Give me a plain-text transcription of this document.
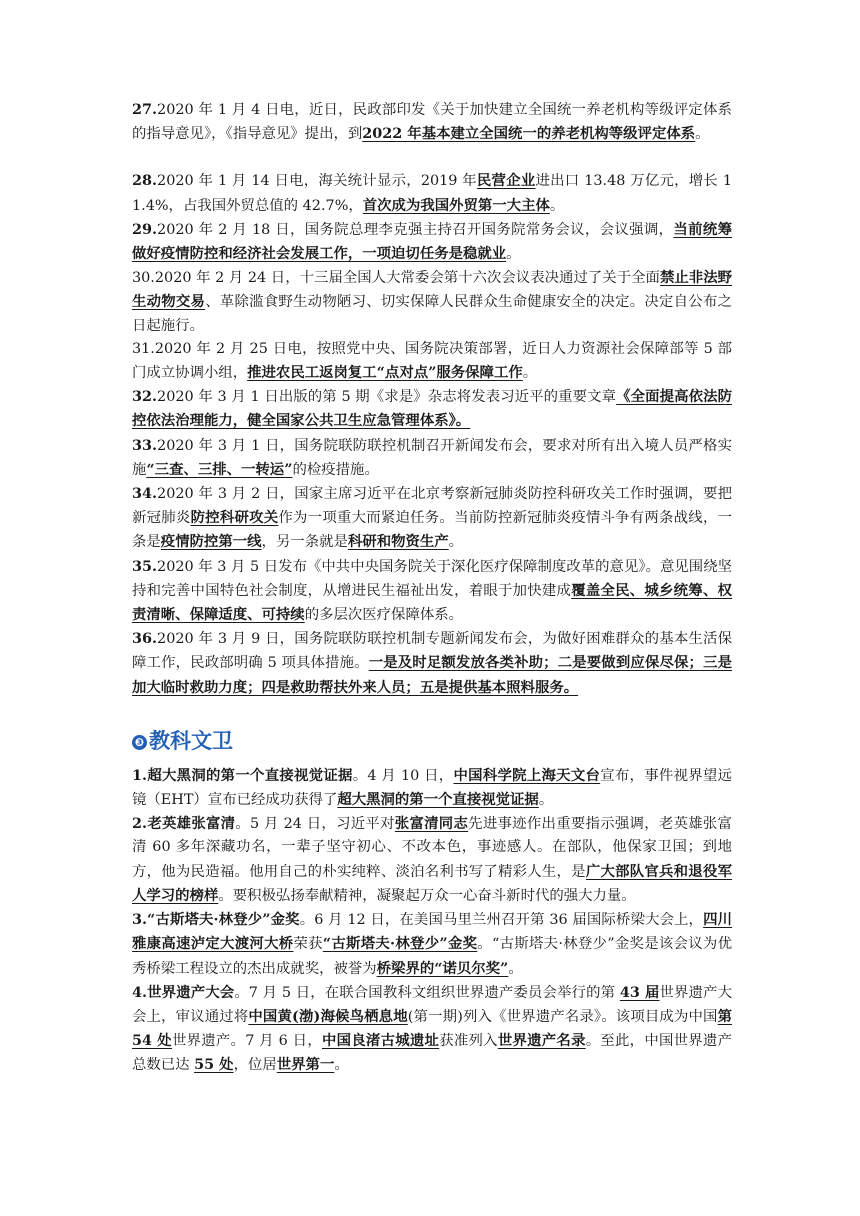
27.2020 年 1 月 4 日电，近日，民政部印发《关于加快建立全国统一养老机构等级评定体系的指导意见》，《指导意见》提出，到2022 年基本建立全国统一的养老机构等级评定体系。

28.2020 年 1 月 14 日电，海关统计显示，2019 年民营企业进出口 13.48 万亿元，增长 11.4%，占我国外贸总值的 42.7%，首次成为我国外贸第一大主体。

29.2020 年 2 月 18 日，国务院总理李克强主持召开国务院常务会议，会议强调，当前统筹做好疫情防控和经济社会发展工作，一项迫切任务是稳就业。

30.2020 年 2 月 24 日，十三届全国人大常委会第十六次会议表决通过了关于全面禁止非法野生动物交易、革除滥食野生动物陋习、切实保障人民群众生命健康安全的决定。决定自公布之日起施行。

31.2020 年 2 月 25 日电，按照党中央、国务院决策部署，近日人力资源社会保障部等 5 部门成立协调小组，推进农民工返岗复工“点对点”服务保障工作。

32.2020 年 3 月 1 日出版的第 5 期《求是》杂志将发表习近平的重要文章《全面提高依法防控依法治理能力，健全国家公共卫生应急管理体系》。

33.2020 年 3 月 1 日，国务院联防联控机制召开新闻发布会，要求对所有出入境人员严格实施“三查、三排、一转运”的检疫措施。

34.2020 年 3 月 2 日，国家主席习近平在北京考察新冠肺炎防控科研攻关工作时强调，要把新冠肺炎防控科研攻关作为一项重大而紧迫任务。当前防控新冠肺炎疫情斗争有两条战线，一条是疫情防控第一线，另一条就是科研和物资生产。

35.2020 年 3 月 5 日发布《中共中央国务院关于深化医疗保障制度改革的意见》。意见围绕坚持和完善中国特色社会制度，从增进民生福祉出发，着眼于加快建成覆盖全民、城乡统筹、权责清晰、保障适度、可持续的多层次医疗保障体系。

36.2020 年 3 月 9 日，国务院联防联控机制专题新闻发布会，为做好困难群众的基本生活保障工作，民政部明确 5 项具体措施。一是及时足额发放各类补助；二是要做到应保尽保；三是加大临时救助力度；四是救助帮扶外来人员；五是提供基本照料服务。

❸ 教科文卫

1.超大黑洞的第一个直接视觉证据。4 月 10 日，中国科学院上海天文台宣布，事件视界望远镜（EHT）宣布已经成功获得了超大黑洞的第一个直接视觉证据。

2.老英雄张富清。5 月 24 日，习近平对张富清同志先进事迹作出重要指示强调，老英雄张富清 60 多年深藏功名，一辈子坚守初心、不改本色，事迹感人。在部队，他保家卫国；到地方，他为民造福。他用自己的朴实纯粹、淡泊名利书写了精彩人生，是广大部队官兵和退役军人学习的榜样。要积极弘扬奉献精神，凝聚起万众一心奋斗新时代的强大力量。

3.“古斯塔夫·林登少”金奖。6 月 12 日，在美国马里兰州召开第 36 届国际桥梁大会上，四川雅康高速泸定大渡河大桥荣获“古斯塔夫·林登少”金奖。“古斯塔夫·林登少”金奖是该会议为优秀桥梁工程设立的杰出成就奖，被誉为桥梁界的“诺贝尔奖”。

4.世界遗产大会。7 月 5 日，在联合国教科文组织世界遗产委员会举行的第 43 届世界遗产大会上，审议通过将中国黄(渤)海候鸟栖息地(第一期)列入《世界遗产名录》。该项目成为中国第 54 处世界遗产。7 月 6 日，中国良渚古城遗址获准列入世界遗产名录。至此，中国世界遗产总数已达 55 处，位居世界第一。
